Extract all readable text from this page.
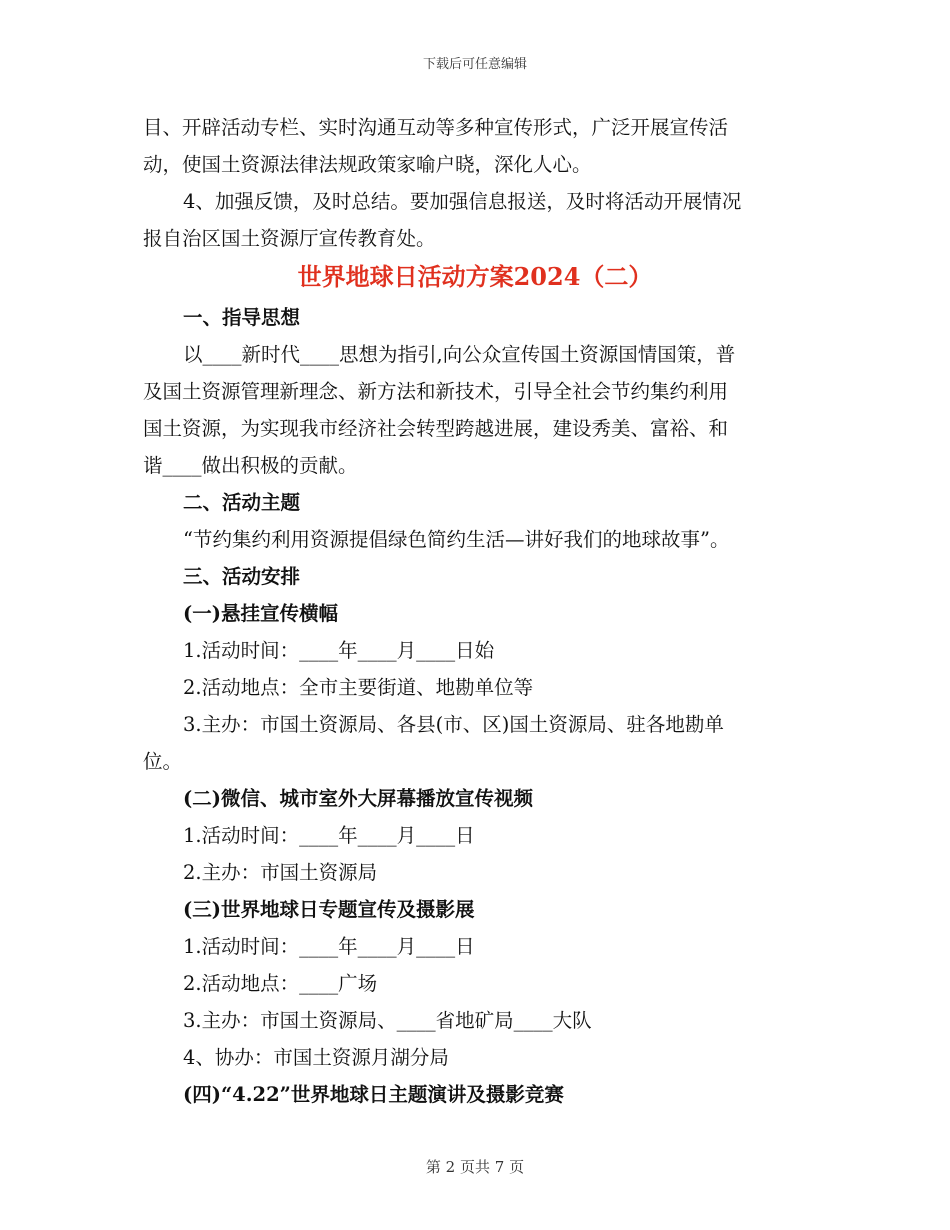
下载后可任意编辑

目、开辟活动专栏、实时沟通互动等多种宣传形式，广泛开展宣传活

动，使国土资源法律法规政策家喻户晓，深化人心。

4、加强反馈，及时总结。要加强信息报送，及时将活动开展情况

报自治区国土资源厅宣传教育处。

世界地球日活动方案2024（二）

一、指导思想

以____新时代____思想为指引,向公众宣传国土资源国情国策，普

及国土资源管理新理念、新方法和新技术，引导全社会节约集约利用

国土资源，为实现我市经济社会转型跨越进展，建设秀美、富裕、和

谐____做出积极的贡献。

二、活动主题

“节约集约利用资源提倡绿色简约生活—讲好我们的地球故事”。

三、活动安排

(一)悬挂宣传横幅

1.活动时间：____年____月____日始

2.活动地点：全市主要街道、地勘单位等

3.主办：市国土资源局、各县(市、区)国土资源局、驻各地勘单

位。

(二)微信、城市室外大屏幕播放宣传视频

1.活动时间：____年____月____日

2.主办：市国土资源局

(三)世界地球日专题宣传及摄影展

1.活动时间：____年____月____日

2.活动地点：____广场

3.主办：市国土资源局、____省地矿局____大队

4、协办：市国土资源月湖分局

(四)“4.22”世界地球日主题演讲及摄影竞赛

第 2 页共 7 页
